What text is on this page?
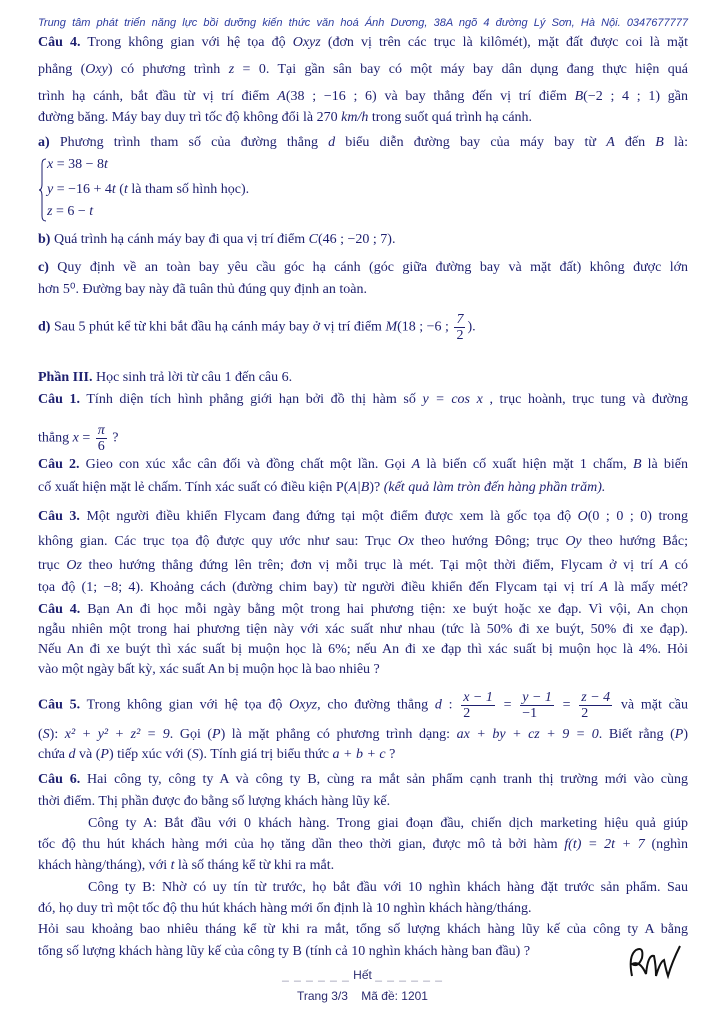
Trung tâm phát triển năng lực bồi dưỡng kiến thức văn hoá Ánh Dương, 38A ngõ 4 đường Lý Sơn, Hà Nội. 0347677777
Câu 4. Trong không gian với hệ tọa độ Oxyz (đơn vị trên các trục là kilômét), mặt đất được coi là mặt
phẳng (Oxy) có phương trình z = 0. Tại gần sân bay có một máy bay dân dụng đang thực hiện quá
trình hạ cánh, bắt đầu từ vị trí điểm A(38 ; −16 ; 6) và bay thẳng đến vị trí điểm B(−2 ; 4 ; 1) gần
đường băng. Máy bay duy trì tốc độ không đổi là 270 km/h trong suốt quá trình hạ cánh.
a) Phương trình tham số của đường thẳng d biểu diễn đường bay của máy bay từ A đến B là:
x = 38 − 8t
y = −16 + 4t (t là tham số hình học).
z = 6 − t
b) Quá trình hạ cánh máy bay đi qua vị trí điểm C(46 ; −20 ; 7).
c) Quy định về an toàn bay yêu cầu góc hạ cánh (góc giữa đường bay và mặt đất) không được lớn
hơn 5⁰. Đường bay này đã tuân thủ đúng quy định an toàn.
d) Sau 5 phút kể từ khi bắt đầu hạ cánh máy bay ở vị trí điểm M(18 ; −6 ; $\frac{7}{2}$ ).
Phần III. Học sinh trả lời từ câu 1 đến câu 6.
Câu 1. Tính diện tích hình phẳng giới hạn bởi đồ thị hàm số y = cos x , trục hoành, trục tung và đường
thẳng $x = \frac{\pi}{6}$ ?
Câu 2. Gieo con xúc xắc cân đối và đồng chất một lần. Gọi A là biến cố xuất hiện mặt 1 chấm, B là biến
cố xuất hiện mặt lẻ chấm. Tính xác suất có điều kiện P(A|B)? (kết quả làm tròn đến hàng phần trăm).
Câu 3. Một người điều khiển Flycam đang đứng tại một điểm được xem là gốc tọa độ O(0 ; 0 ; 0) trong
không gian. Các trục tọa độ được quy ước như sau: Trục Ox theo hướng Đông; trục Oy theo hướng Bắc;
trục Oz theo hướng thẳng đứng lên trên; đơn vị mỗi trục là mét. Tại một thời điểm, Flycam ở vị trí A có
tọa độ (1; −8; 4). Khoảng cách (đường chim bay) từ người điều khiển đến Flycam tại vị trí A là mấy mét?
Câu 4. Bạn An đi học mỗi ngày bằng một trong hai phương tiện: xe buýt hoặc xe đạp. Vì vội, An chọn
ngẫu nhiên một trong hai phương tiện này với xác suất như nhau (tức là 50% đi xe buýt, 50% đi xe đạp).
Nếu An đi xe buýt thì xác suất bị muộn học là 6%; nếu An đi xe đạp thì xác suất bị muộn học là 4%. Hỏi
vào một ngày bất kỳ, xác suất An bị muộn học là bao nhiêu ?
Câu 5. Trong không gian với hệ tọa độ Oxyz, cho đường thẳng d : $\frac{x - 1}{2} = \frac{y - 1}{-1} = \frac{z - 4}{2}$ và mặt cầu
(S): x² + y² + z² = 9. Gọi (P) là mặt phẳng có phương trình dạng: ax + by + cz + 9 = 0. Biết rằng (P)
chứa d và (P) tiếp xúc với (S). Tính giá trị biểu thức a + b + c ?
Câu 6. Hai công ty, công ty A và công ty B, cùng ra mắt sản phẩm cạnh tranh thị trường mới vào cùng
thời điểm. Thị phần được đo bằng số lượng khách hàng lũy kế.
Công ty A: Bắt đầu với 0 khách hàng. Trong giai đoạn đầu, chiến dịch marketing hiệu quả giúp
tốc độ thu hút khách hàng mới của họ tăng dần theo thời gian, được mô tả bởi hàm f(t) = 2t + 7 (nghìn
khách hàng/tháng), với t là số tháng kể từ khi ra mắt.
Công ty B: Nhờ có uy tín từ trước, họ bắt đầu với 10 nghìn khách hàng đặt trước sản phẩm. Sau
đó, họ duy trì một tốc độ thu hút khách hàng mới ổn định là 10 nghìn khách hàng/tháng.
Hỏi sau khoảng bao nhiêu tháng kể từ khi ra mắt, tổng số lượng khách hàng lũy kế của công ty A bằng
tổng số lượng khách hàng lũy kế của công ty B (tính cả 10 nghìn khách hàng ban đầu) ?
_ _ _ _ _ _ Hết _ _ _ _ _ _
Trang 3/3 Mã đề: 1201
